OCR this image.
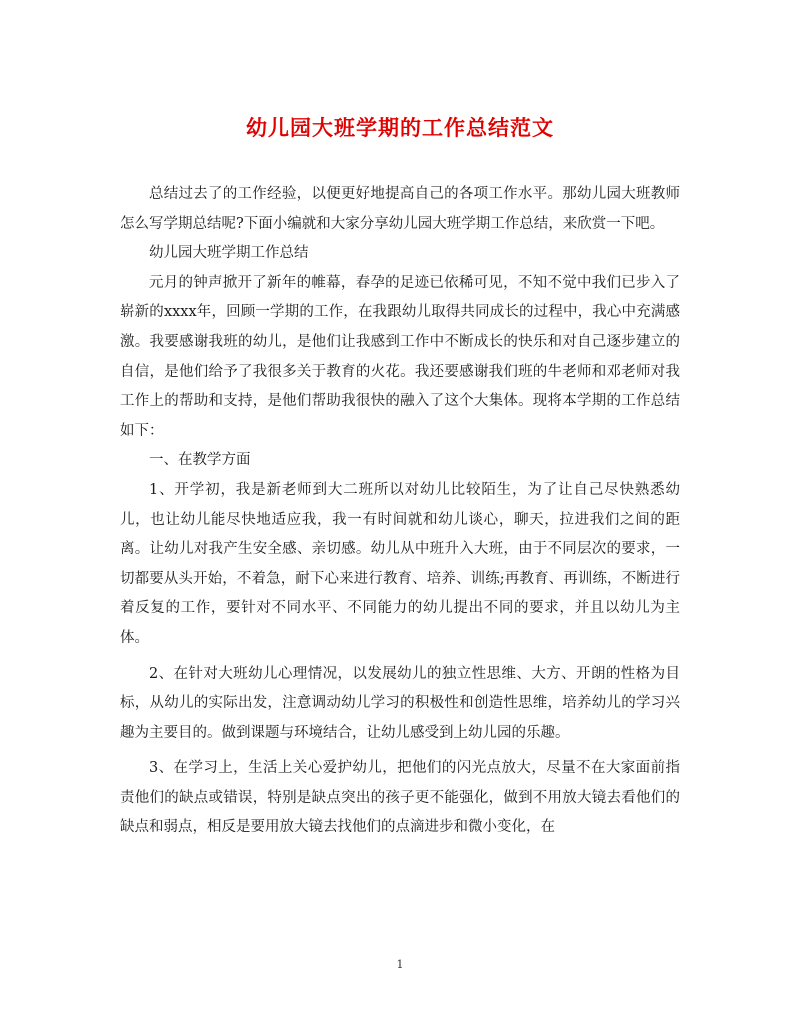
幼儿园大班学期的工作总结范文

总结过去了的工作经验，以便更好地提高自己的各项工作水平。那幼儿园大班教师怎么写学期总结呢?下面小编就和大家分享幼儿园大班学期工作总结，来欣赏一下吧。

幼儿园大班学期工作总结

元月的钟声掀开了新年的帷幕，春孕的足迹已依稀可见，不知不觉中我们已步入了崭新的xxxx年，回顾一学期的工作，在我跟幼儿取得共同成长的过程中，我心中充满感激。我要感谢我班的幼儿，是他们让我感到工作中不断成长的快乐和对自己逐步建立的自信，是他们给予了我很多关于教育的火花。我还要感谢我们班的牛老师和邓老师对我工作上的帮助和支持，是他们帮助我很快的融入了这个大集体。现将本学期的工作总结如下：

一、在教学方面

1、开学初，我是新老师到大二班所以对幼儿比较陌生，为了让自己尽快熟悉幼儿，也让幼儿能尽快地适应我，我一有时间就和幼儿谈心，聊天，拉进我们之间的距离。让幼儿对我产生安全感、亲切感。幼儿从中班升入大班，由于不同层次的要求，一切都要从头开始，不着急，耐下心来进行教育、培养、训练;再教育、再训练，不断进行着反复的工作，要针对不同水平、不同能力的幼儿提出不同的要求，并且以幼儿为主体。

2、在针对大班幼儿心理情况，以发展幼儿的独立性思维、大方、开朗的性格为目标，从幼儿的实际出发，注意调动幼儿学习的积极性和创造性思维，培养幼儿的学习兴趣为主要目的。做到课题与环境结合，让幼儿感受到上幼儿园的乐趣。

3、在学习上，生活上关心爱护幼儿，把他们的闪光点放大，尽量不在大家面前指责他们的缺点或错误，特别是缺点突出的孩子更不能强化，做到不用放大镜去看他们的缺点和弱点，相反是要用放大镜去找他们的点滴进步和微小变化，在

1
